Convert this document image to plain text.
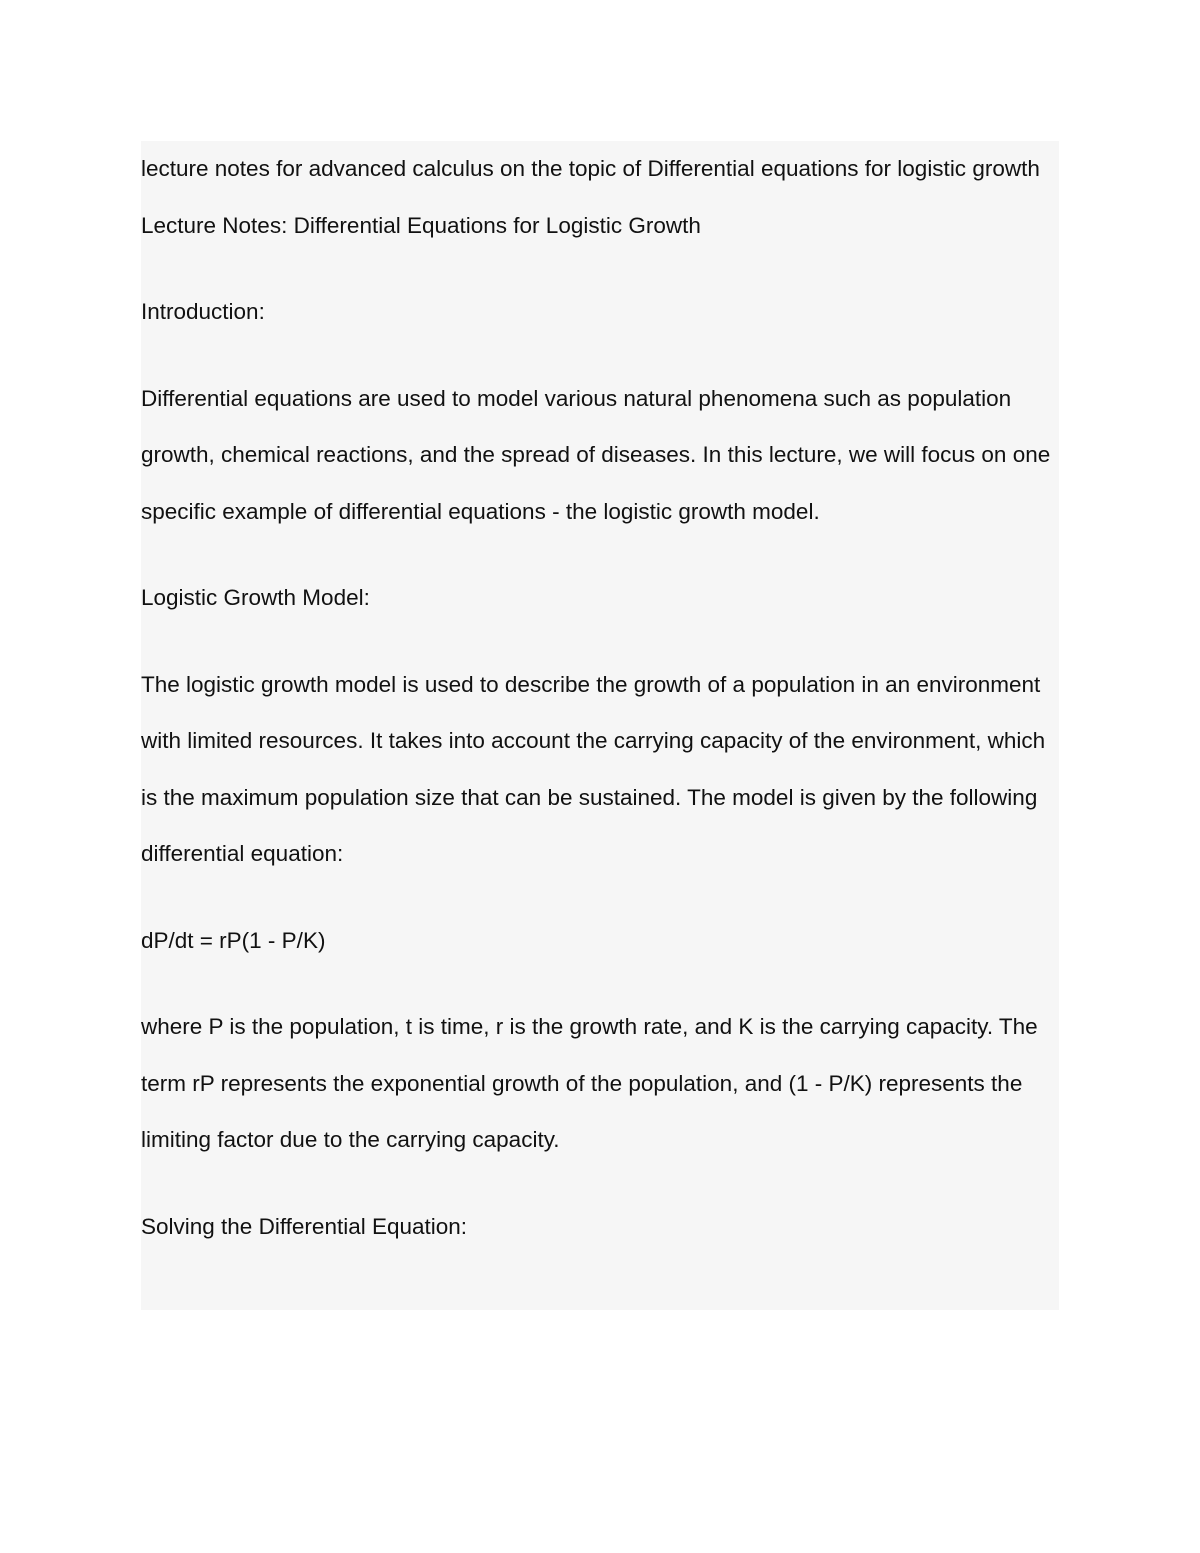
lecture notes for advanced calculus on the topic of Differential equations for logistic growth

Lecture Notes: Differential Equations for Logistic Growth

Introduction:

Differential equations are used to model various natural phenomena such as population growth, chemical reactions, and the spread of diseases. In this lecture, we will focus on one specific example of differential equations - the logistic growth model.

Logistic Growth Model:

The logistic growth model is used to describe the growth of a population in an environment with limited resources. It takes into account the carrying capacity of the environment, which is the maximum population size that can be sustained. The model is given by the following differential equation:

dP/dt = rP(1 - P/K)

where P is the population, t is time, r is the growth rate, and K is the carrying capacity. The term rP represents the exponential growth of the population, and (1 - P/K) represents the limiting factor due to the carrying capacity.

Solving the Differential Equation:
